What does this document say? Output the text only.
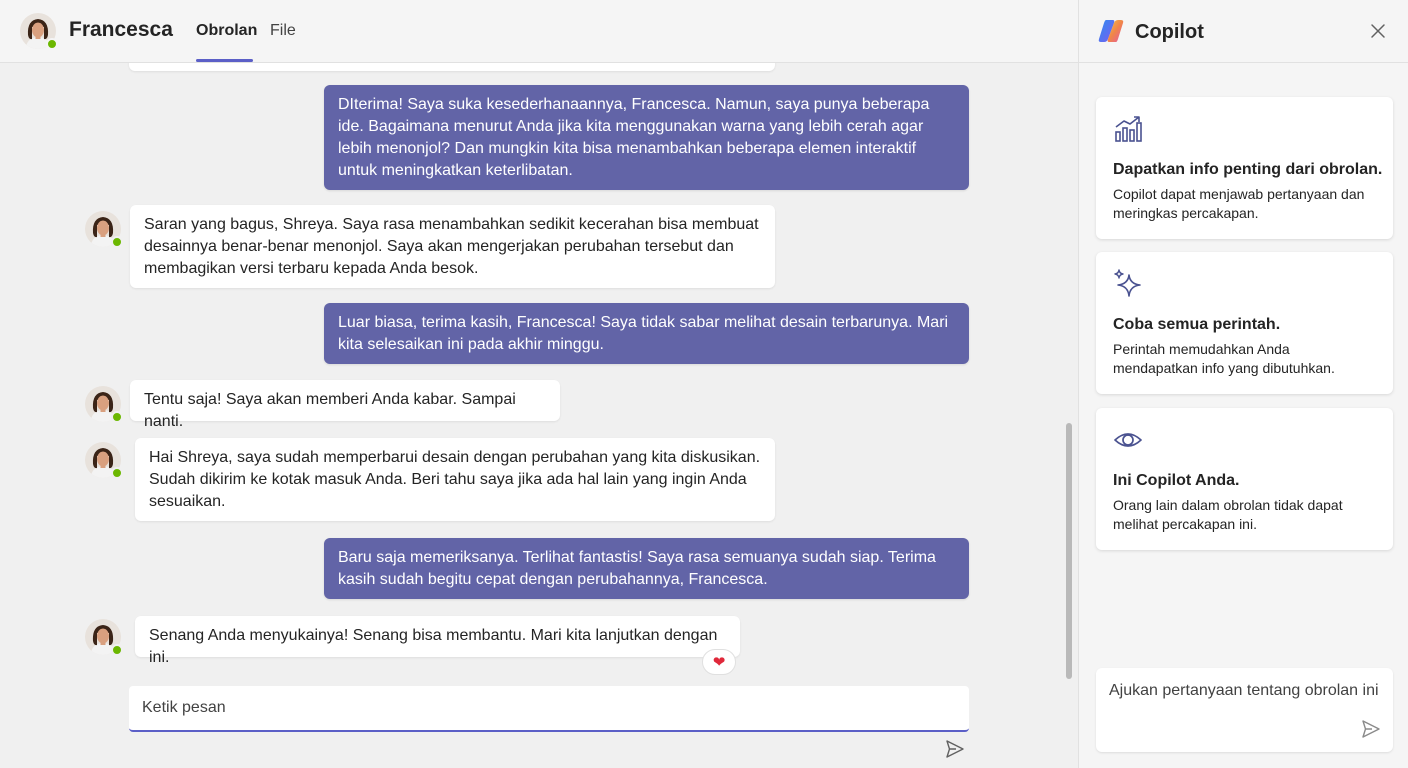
Francesca Obrolan File
DIterima! Saya suka kesederhanaannya, Francesca. Namun, saya punya beberapa ide. Bagaimana menurut Anda jika kita menggunakan warna yang lebih cerah agar lebih menonjol? Dan mungkin kita bisa menambahkan beberapa elemen interaktif untuk meningkatkan keterlibatan.
Saran yang bagus, Shreya. Saya rasa menambahkan sedikit kecerahan bisa membuat desainnya benar-benar menonjol. Saya akan mengerjakan perubahan tersebut dan membagikan versi terbaru kepada Anda besok.
Luar biasa, terima kasih, Francesca! Saya tidak sabar melihat desain terbarunya. Mari kita selesaikan ini pada akhir minggu.
Tentu saja! Saya akan memberi Anda kabar. Sampai nanti.
Hai Shreya, saya sudah memperbarui desain dengan perubahan yang kita diskusikan. Sudah dikirim ke kotak masuk Anda. Beri tahu saya jika ada hal lain yang ingin Anda sesuaikan.
Baru saja memeriksanya. Terlihat fantastis! Saya rasa semuanya sudah siap. Terima kasih sudah begitu cepat dengan perubahannya, Francesca.
Senang Anda menyukainya! Senang bisa membantu. Mari kita lanjutkan dengan ini.	❤
Ketik pesan
Copilot
Dapatkan info penting dari obrolan.
Copilot dapat menjawab pertanyaan dan meringkas percakapan.
Coba semua perintah.
Perintah memudahkan Anda mendapatkan info yang dibutuhkan.
Ini Copilot Anda.
Orang lain dalam obrolan tidak dapat melihat percakapan ini.
Ajukan pertanyaan tentang obrolan ini
